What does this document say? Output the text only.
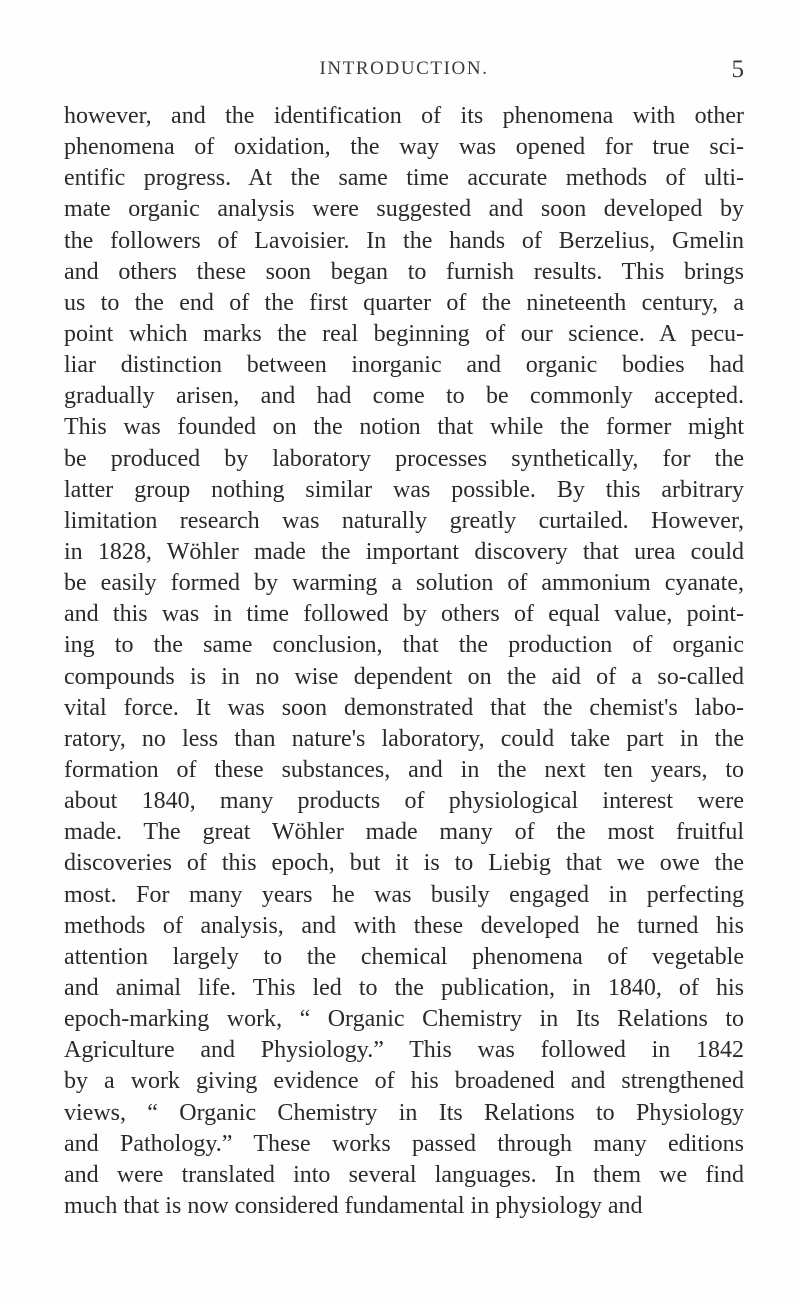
INTRODUCTION.	5
however, and the identification of its phenomena with other
phenomena of oxidation, the way was opened for true sci-
entific progress. At the same time accurate methods of ulti-
mate organic analysis were suggested and soon developed by
the followers of Lavoisier. In the hands of Berzelius, Gmelin
and others these soon began to furnish results. This brings
us to the end of the first quarter of the nineteenth century, a
point which marks the real beginning of our science. A pecu-
liar distinction between inorganic and organic bodies had
gradually arisen, and had come to be commonly accepted.
This was founded on the notion that while the former might
be produced by laboratory processes synthetically, for the
latter group nothing similar was possible. By this arbitrary
limitation research was naturally greatly curtailed. However,
in 1828, Wöhler made the important discovery that urea could
be easily formed by warming a solution of ammonium cyanate,
and this was in time followed by others of equal value, point-
ing to the same conclusion, that the production of organic
compounds is in no wise dependent on the aid of a so-called
vital force. It was soon demonstrated that the chemist's labo-
ratory, no less than nature's laboratory, could take part in the
formation of these substances, and in the next ten years, to
about 1840, many products of physiological interest were
made. The great Wöhler made many of the most fruitful
discoveries of this epoch, but it is to Liebig that we owe the
most. For many years he was busily engaged in perfecting
methods of analysis, and with these developed he turned his
attention largely to the chemical phenomena of vegetable
and animal life. This led to the publication, in 1840, of his
epoch-marking work, “ Organic Chemistry in Its Relations to
Agriculture and Physiology.” This was followed in 1842
by a work giving evidence of his broadened and strengthened
views, “ Organic Chemistry in Its Relations to Physiology
and Pathology.” These works passed through many editions
and were translated into several languages. In them we find
much that is now considered fundamental in physiology and
